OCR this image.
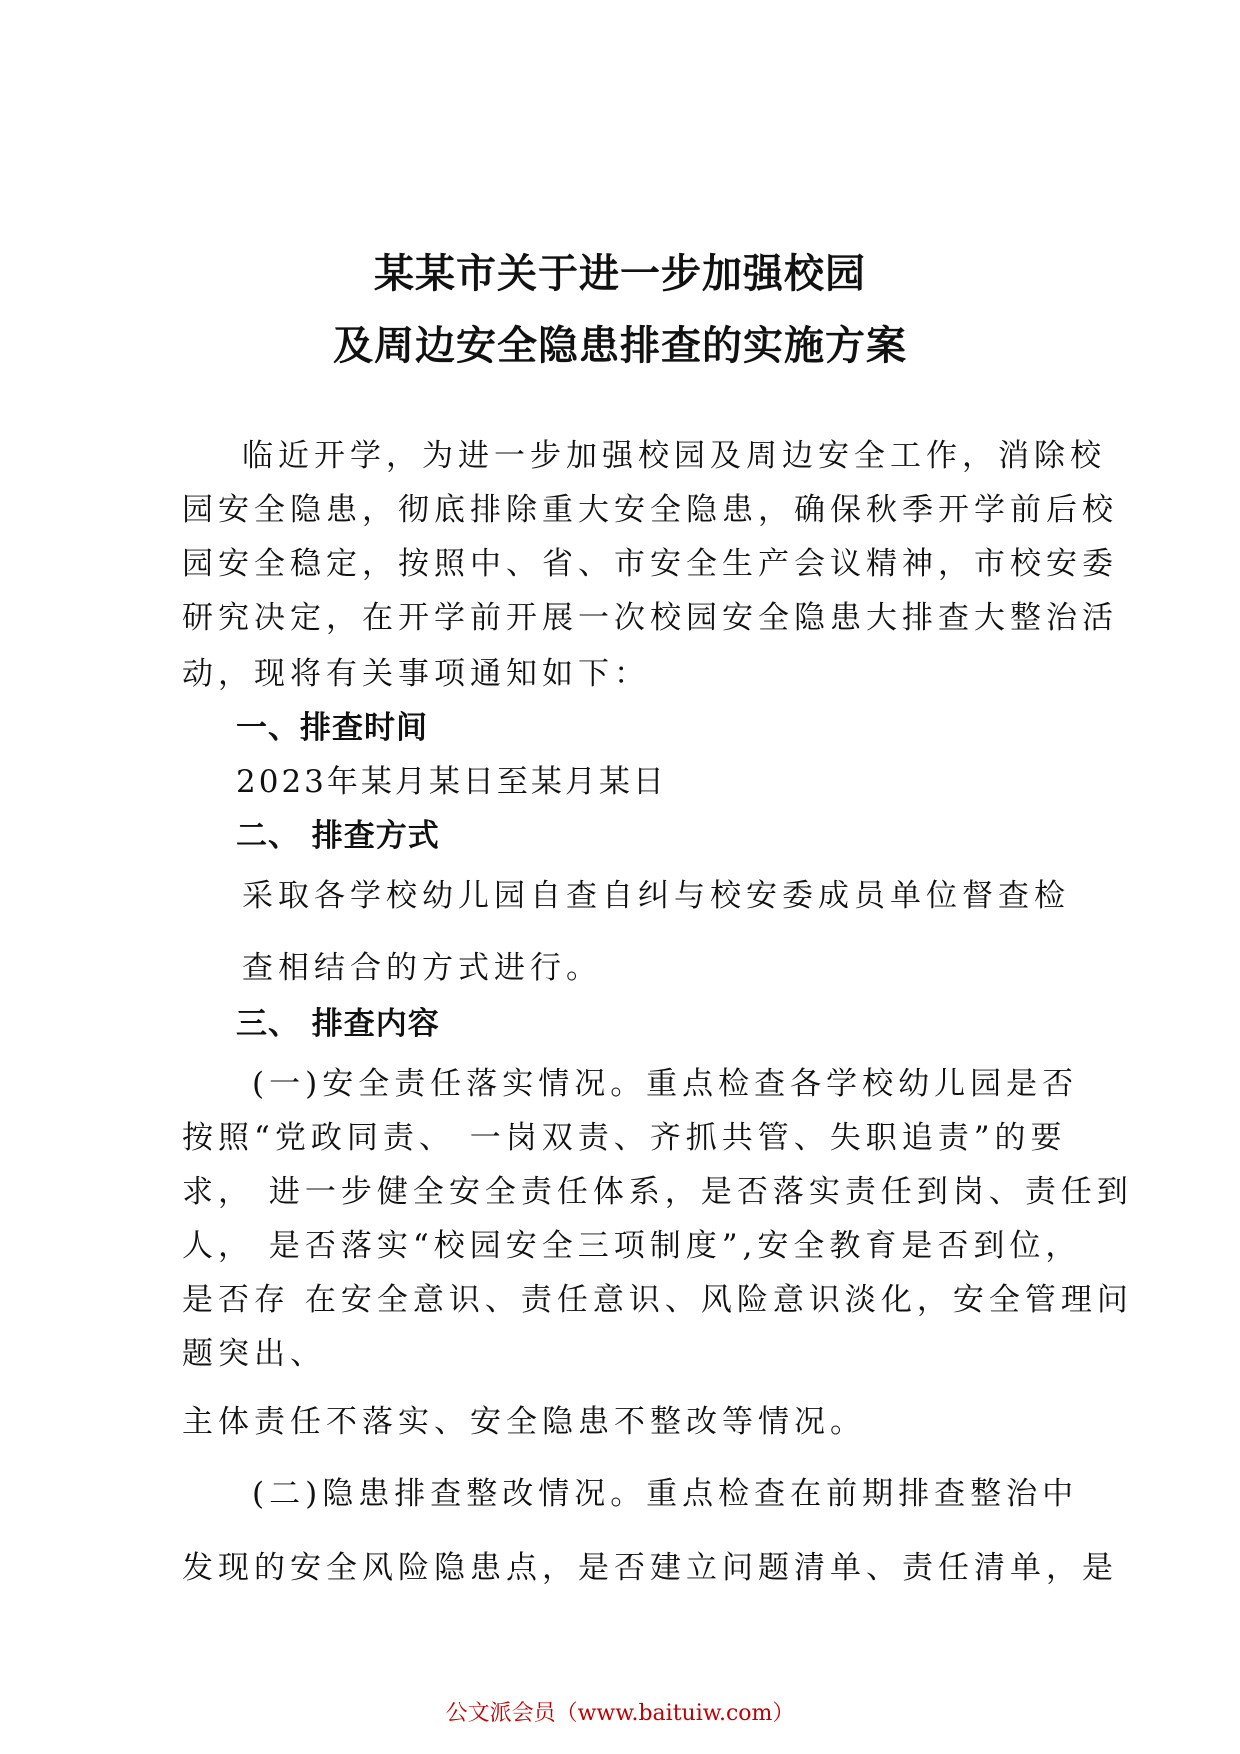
某某市关于进一步加强校园
及周边安全隐患排查的实施方案
临近开学，为进一步加强校园及周边安全工作，消除校
园安全隐患，彻底排除重大安全隐患，确保秋季开学前后校
园安全稳定，按照中、省、市安全生产会议精神，市校安委
研究决定，在开学前开展一次校园安全隐患大排查大整治活
动，现将有关事项通知如下：
一、排查时间
2023年某月某日至某月某日
二、 排查方式
采取各学校幼儿园自查自纠与校安委成员单位督查检
查相结合的方式进行。
三、 排查内容
(一)安全责任落实情况。重点检查各学校幼儿园是否
按照“党政同责、 一岗双责、齐抓共管、失职追责”的要
求， 进一步健全安全责任体系，是否落实责任到岗、责任到
人， 是否落实“校园安全三项制度”,安全教育是否到位，
是否存 在安全意识、责任意识、风险意识淡化，安全管理问
题突出、
主体责任不落实、安全隐患不整改等情况。
(二)隐患排查整改情况。重点检查在前期排查整治中
发现的安全风险隐患点，是否建立问题清单、责任清单，是
公文派会员（www.baituiw.com）
